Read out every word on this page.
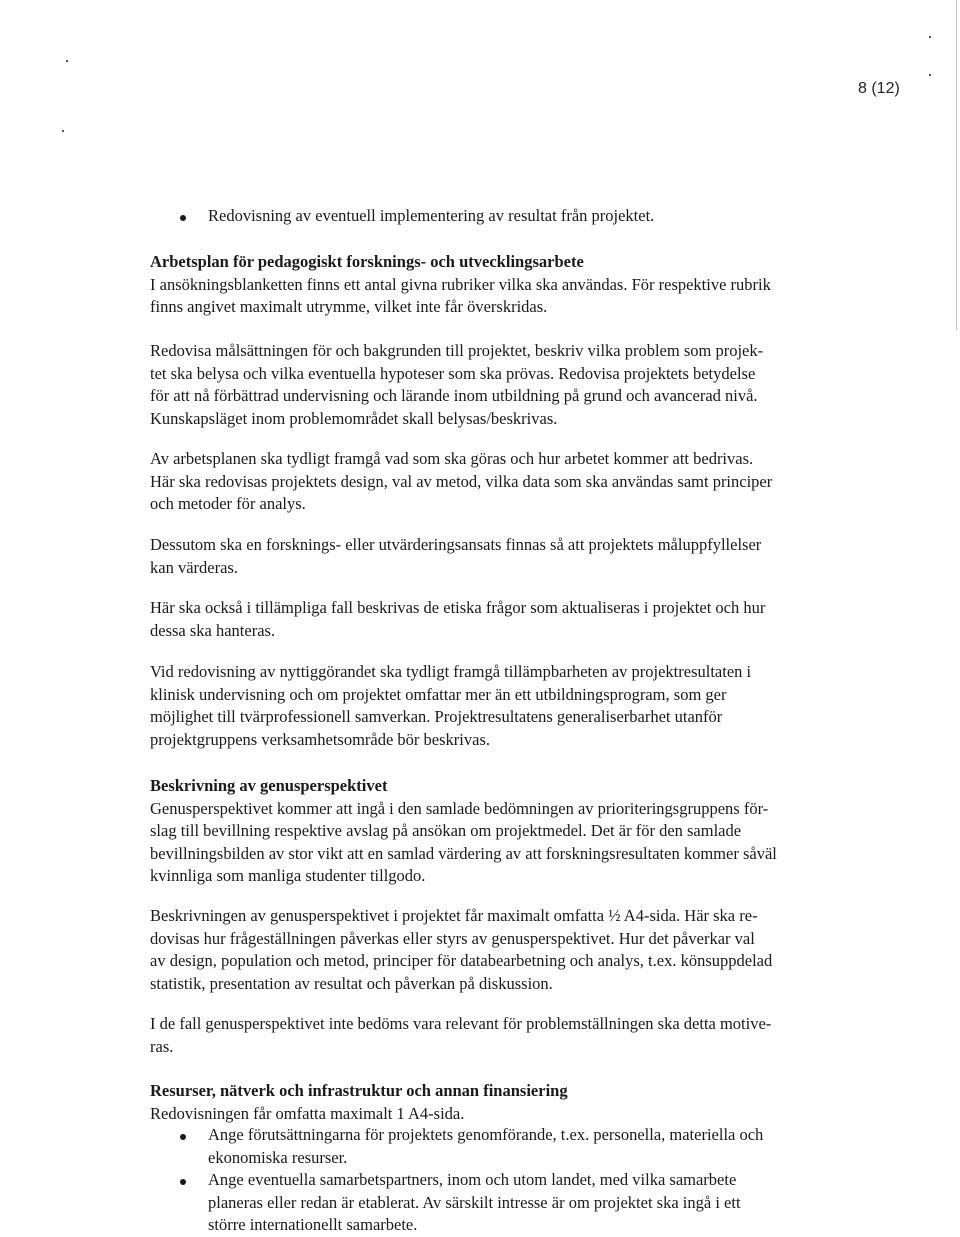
8 (12)
Redovisning av eventuell implementering av resultat från projektet.
Arbetsplan för pedagogiskt forsknings- och utvecklingsarbete
I ansökningsblanketten finns ett antal givna rubriker vilka ska användas. För respektive rubrik
finns angivet maximalt utrymme, vilket inte får överskridas.
Redovisa målsättningen för och bakgrunden till projektet, beskriv vilka problem som projek-
tet ska belysa och vilka eventuella hypoteser som ska prövas. Redovisa projektets betydelse
för att nå förbättrad undervisning och lärande inom utbildning på grund och avancerad nivå.
Kunskapsläget inom problemområdet skall belysas/beskrivas.
Av arbetsplanen ska tydligt framgå vad som ska göras och hur arbetet kommer att bedrivas.
Här ska redovisas projektets design, val av metod, vilka data som ska användas samt principer
och metoder för analys.
Dessutom ska en forsknings- eller utvärderingsansats finnas så att projektets måluppfyllelser
kan värderas.
Här ska också i tillämpliga fall beskrivas de etiska frågor som aktualiseras i projektet och hur
dessa ska hanteras.
Vid redovisning av nyttiggörandet ska tydligt framgå tillämpbarheten av projektresultaten i
klinisk undervisning och om projektet omfattar mer än ett utbildningsprogram, som ger
möjlighet till tvärprofessionell samverkan. Projektresultatens generaliserbarhet utanför
projektgruppens verksamhetsområde bör beskrivas.
Beskrivning av genusperspektivet
Genusperspektivet kommer att ingå i den samlade bedömningen av prioriteringsgruppens för-
slag till bevillning respektive avslag på ansökan om projektmedel. Det är för den samlade
bevillningsbilden av stor vikt att en samlad värdering av att forskningsresultaten kommer såväl
kvinnliga som manliga studenter tillgodo.
Beskrivningen av genusperspektivet i projektet får maximalt omfatta ½ A4-sida. Här ska re-
dovisas hur frågeställningen påverkas eller styrs av genusperspektivet. Hur det påverkar val
av design, population och metod, principer för databearbetning och analys, t.ex. könsuppdelad
statistik, presentation av resultat och påverkan på diskussion.
I de fall genusperspektivet inte bedöms vara relevant för problemställningen ska detta motive-
ras.
Resurser, nätverk och infrastruktur och annan finansiering
Redovisningen får omfatta maximalt 1 A4-sida.
Ange förutsättningarna för projektets genomförande, t.ex. personella, materiella och
ekonomiska resurser.
Ange eventuella samarbetspartners, inom och utom landet, med vilka samarbete
planeras eller redan är etablerat. Av särskilt intresse är om projektet ska ingå i ett
större internationellt samarbete.
